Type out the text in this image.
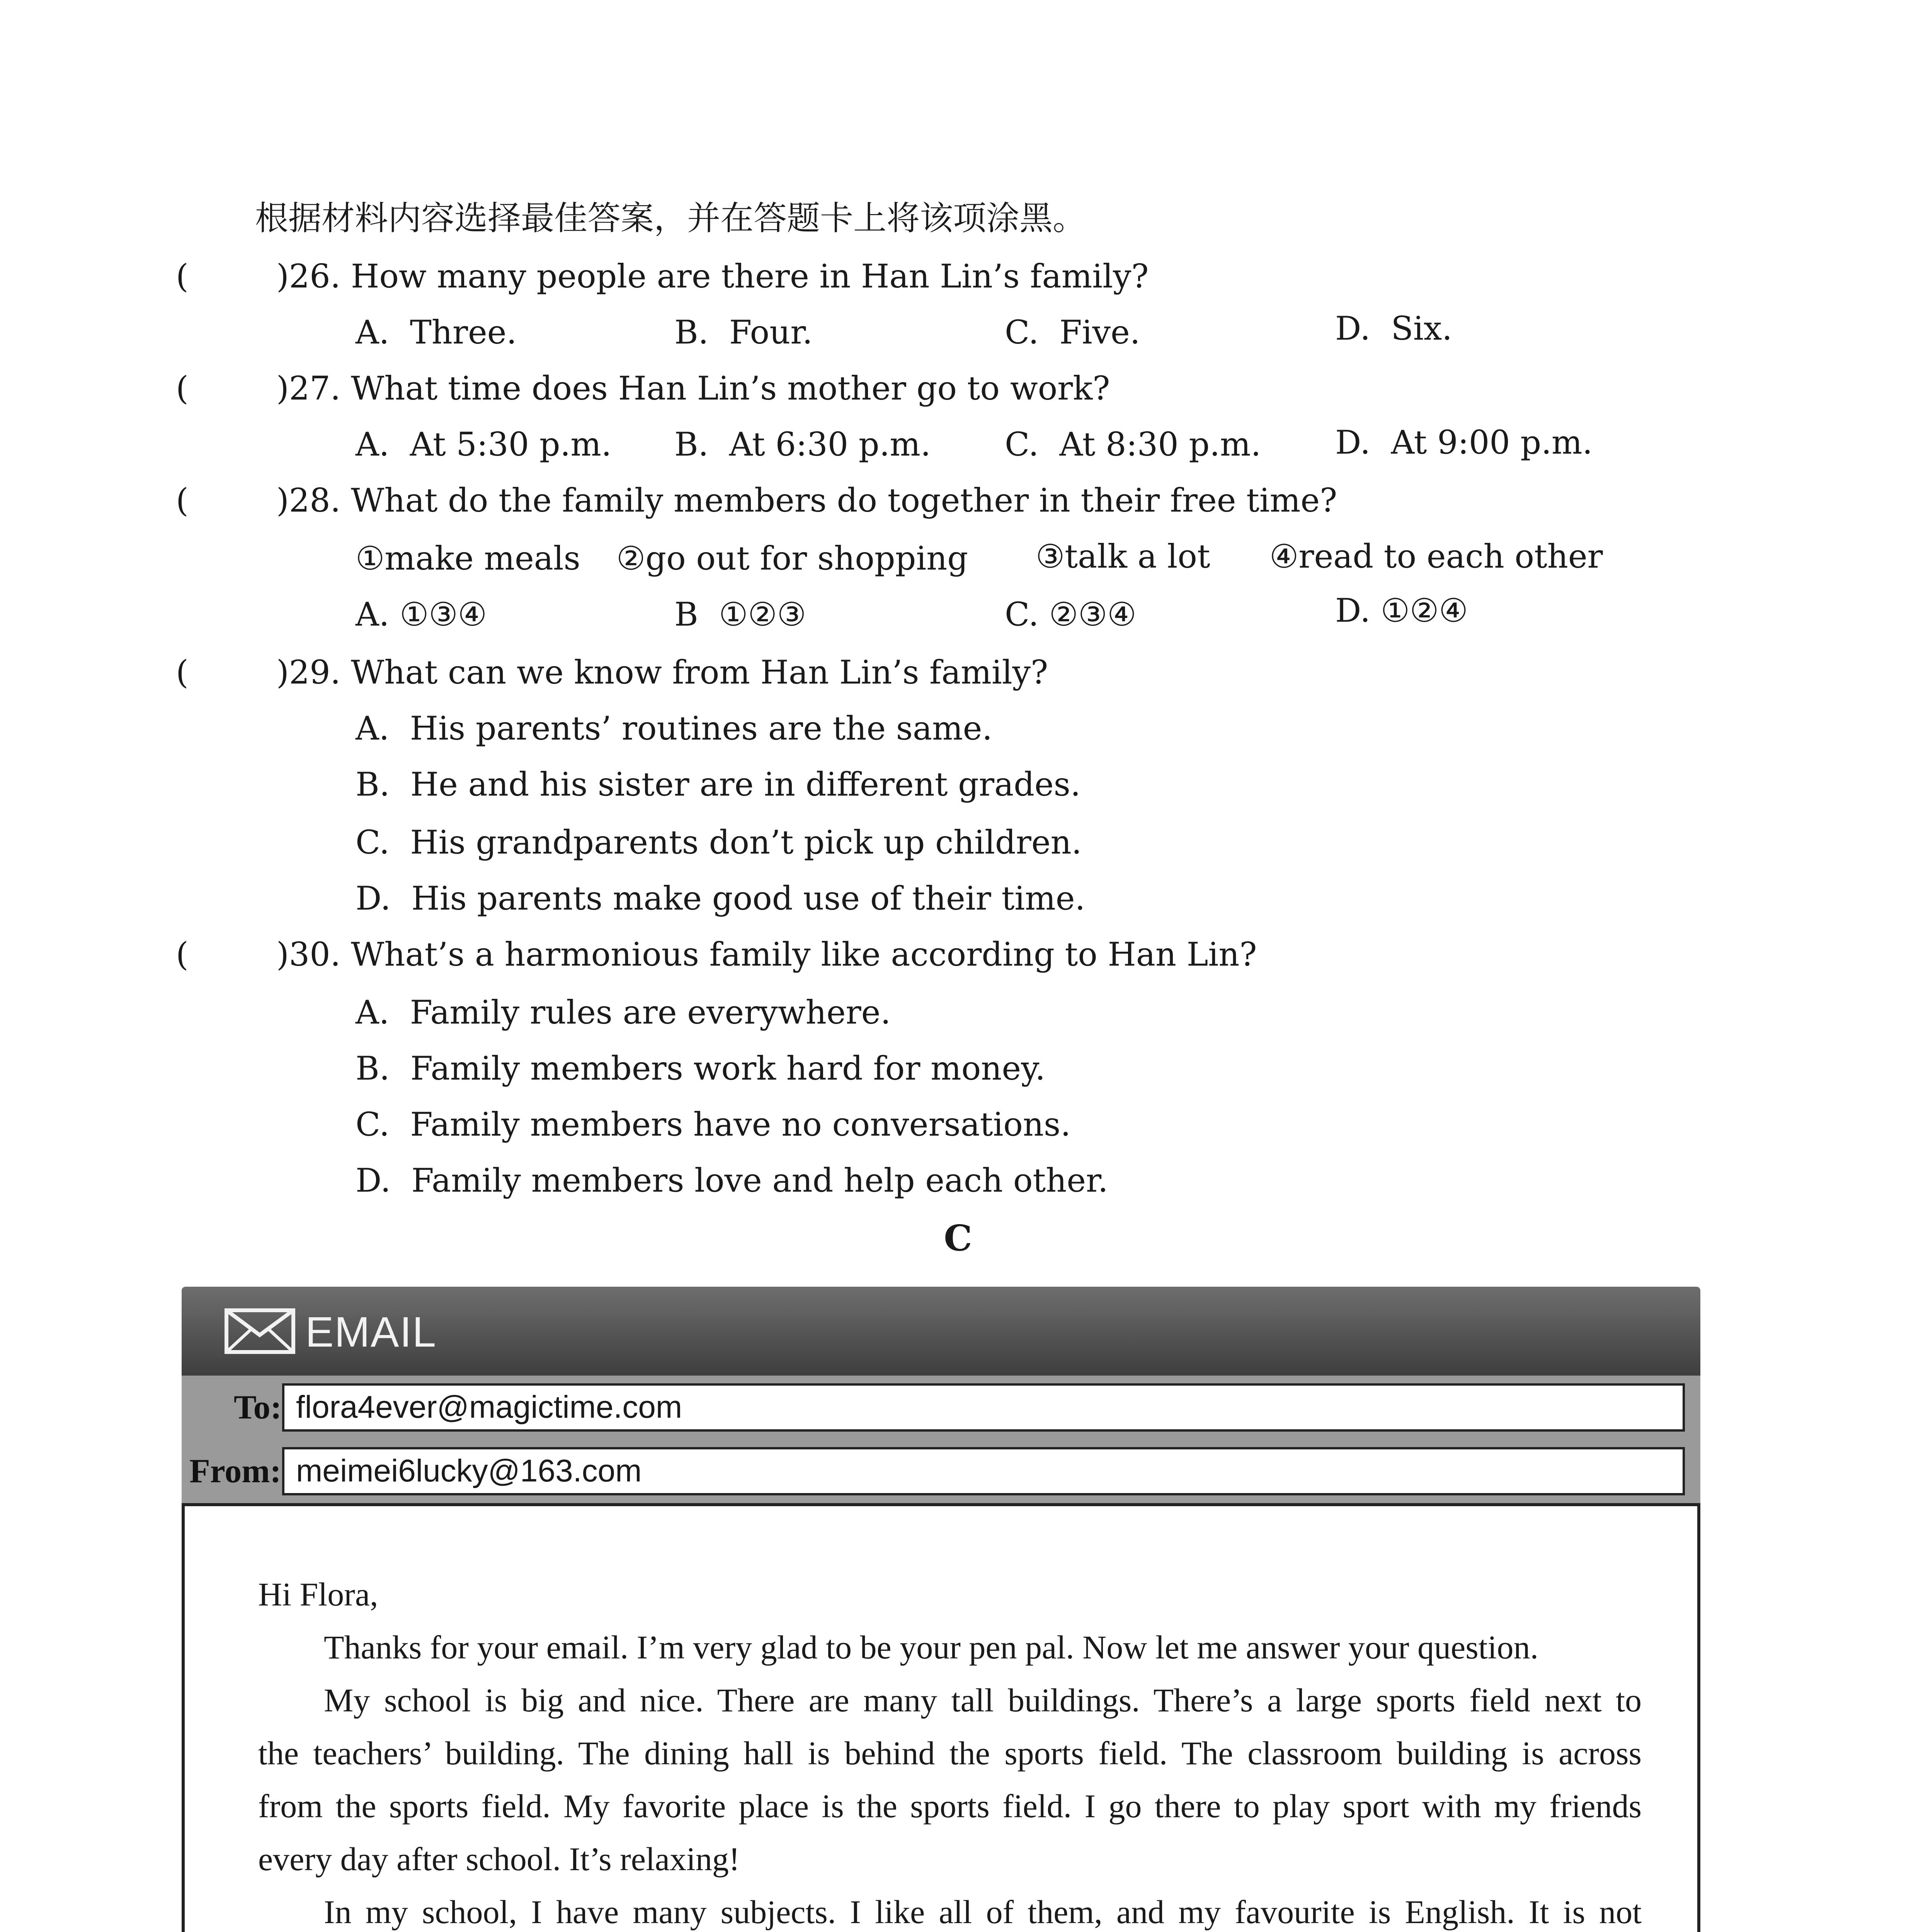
根据材料内容选择最佳答案，并在答题卡上将该项涂黑。
(	)26. How many people are there in Han Lin’s family?
A.  Three.	B.  Four.	C.  Five.	D.  Six.
(	)27. What time does Han Lin’s mother go to work?
A.  At 5:30 p.m. B.  At 6:30 p.m. C.  At 8:30 p.m. D.  At 9:00 p.m.
(	)28. What do the family members do together in their free time?
①make meals ②go out for shopping ③talk a lot ④read to each other
A. ①③④	B  ①②③	C. ②③④	D. ①②④
(	)29. What can we know from Han Lin’s family?
A.  His parents’ routines are the same.
B.  He and his sister are in different grades.
C.  His grandparents don’t pick up children.
D.  His parents make good use of their time.
(	)30. What’s a harmonious family like according to Han Lin?
A.  Family rules are everywhere.
B.  Family members work hard for money.
C.  Family members have no conversations.
D.  Family members love and help each other.
C
EMAIL
To: flora4ever@magictime.com
From: meimei6lucky@163.com
Hi Flora,
Thanks for your email. I’m very glad to be your pen pal. Now let me answer your question.
My school is big and nice. There are many tall buildings. There’s a large sports field next to
the teachers’ building. The dining hall is behind the sports field. The classroom building is across
from the sports field. My favorite place is the sports field. I go there to play sport with my friends
every day after school. It’s relaxing!
In my school, I have many subjects. I like all of them, and my favourite is English. It is not
